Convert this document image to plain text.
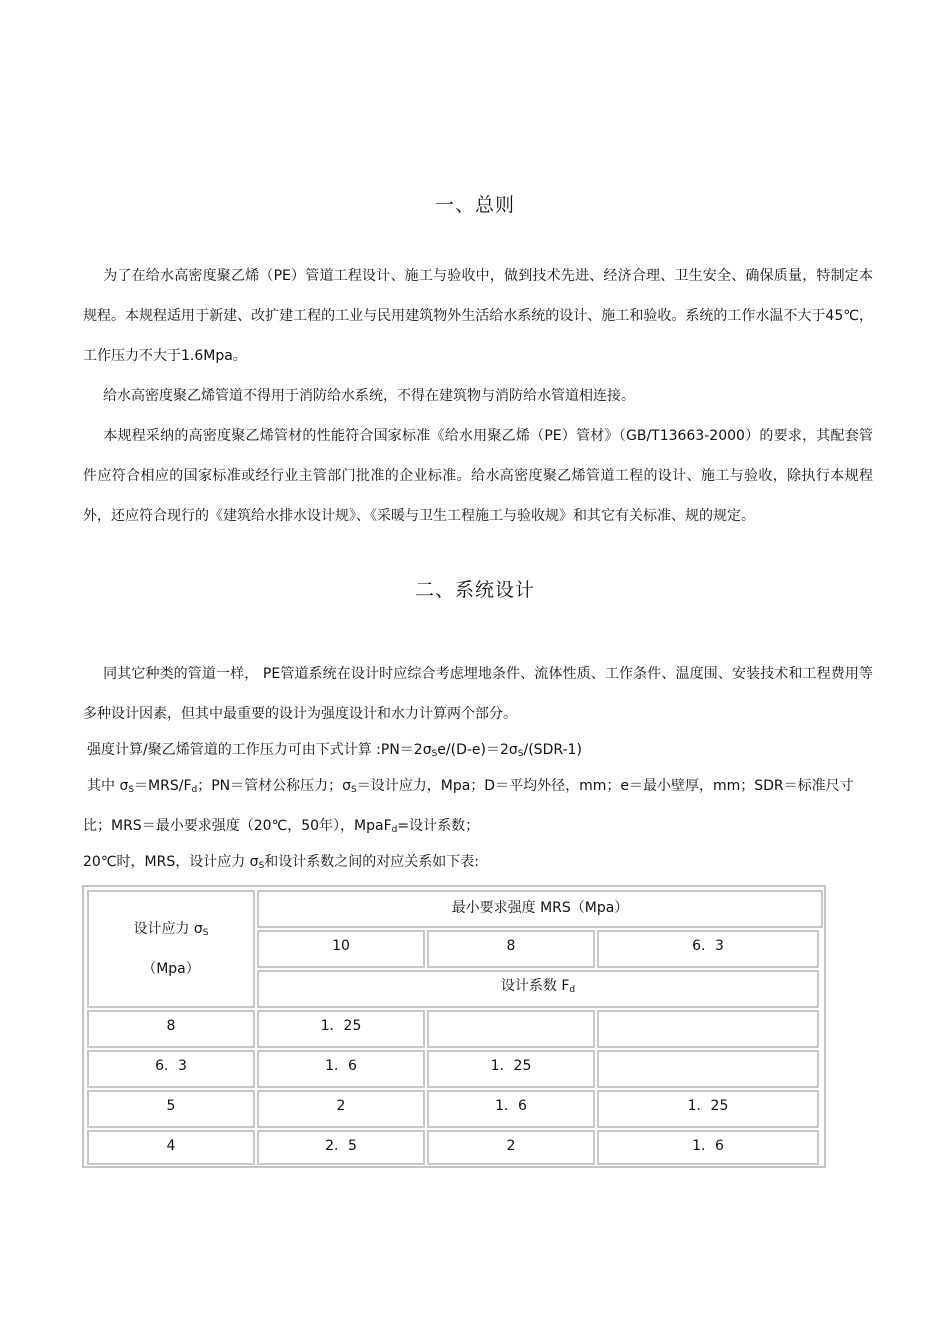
一、总则
为了在给水高密度聚乙烯（PE）管道工程设计、施工与验收中，做到技术先进、经济合理、卫生安全、确保质量，特制定本规程。本规程适用于新建、改扩建工程的工业与民用建筑物外生活给水系统的设计、施工和验收。系统的工作水温不大于45℃，工作压力不大于1.6Mpa。
给水高密度聚乙烯管道不得用于消防给水系统，不得在建筑物与消防给水管道相连接。
本规程采纳的高密度聚乙烯管材的性能符合国家标准《给水用聚乙烯（PE）管材》（GB/T13663-2000）的要求，其配套管件应符合相应的国家标准或经行业主管部门批准的企业标准。给水高密度聚乙烯管道工程的设计、施工与验收，除执行本规程外，还应符合现行的《建筑给水排水设计规》、《采暖与卫生工程施工与验收规》和其它有关标准、规的规定。
二、系统设计
同其它种类的管道一样， PE管道系统在设计时应综合考虑埋地条件、流体性质、工作条件、温度围、安装技术和工程费用等多种设计因素，但其中最重要的设计为强度设计和水力计算两个部分。
强度计算/聚乙烯管道的工作压力可由下式计算 $:PN=2\sigma_Se/(D-e)=2\sigma_S/(SDR-1)$
其中 $\sigma_S=MRS/F_d$；PN＝管材公称压力；$\sigma_S=$设计应力，Mpa；D＝平均外径，mm；e＝最小壁厚，mm；SDR＝标准尺寸
比；MRS＝最小要求强度（20℃，50年），MpaF$_d$=设计系数；
20℃时，MRS，设计应力 $\sigma_S$和设计系数之间的对应关系如下表:
设计应力 $\sigma_S$
（Mpa）
最小要求强度 MRS（Mpa）
10	8	6．3
设计系数 $F_d$
8	1．25
6．3	1．6	1．25
5	2	1．6	1．25
4	2．5	2	1．6
